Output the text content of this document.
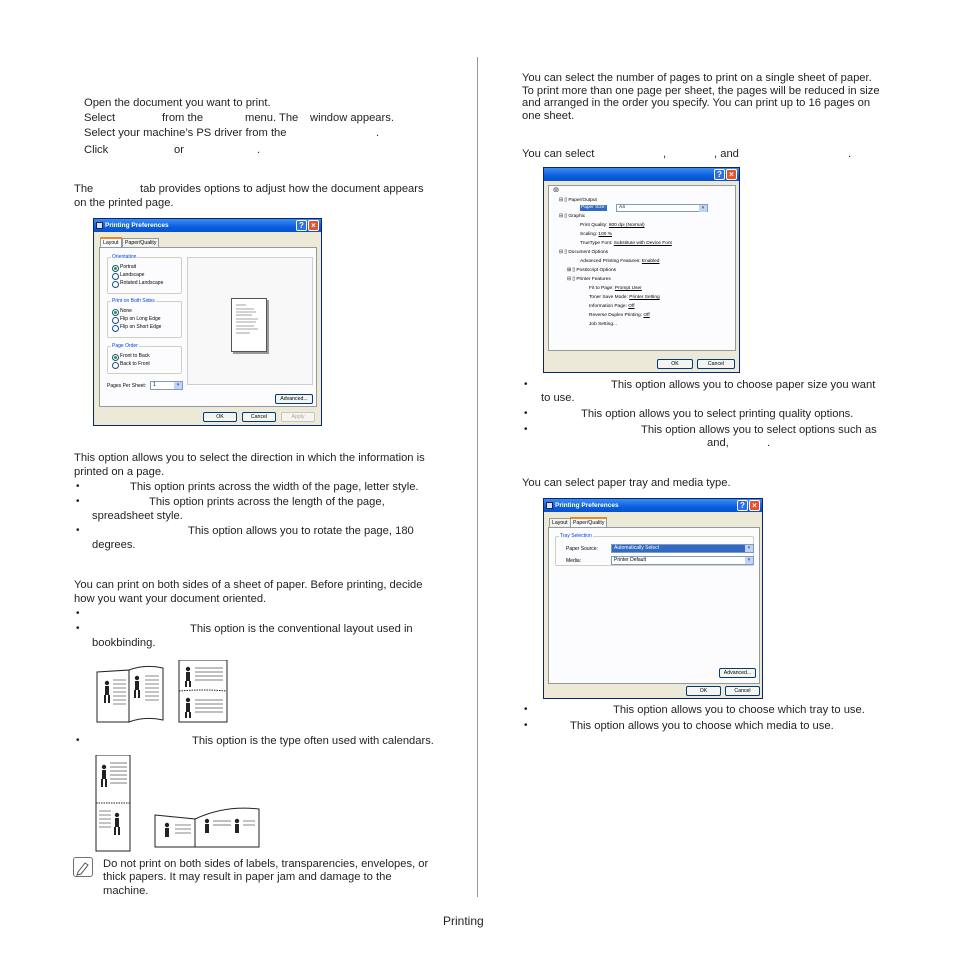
Open the document you want to print.
Select	from the	menu. The window appears.
Select your machine’s PS driver from the	.
Click	or	.
The	tab provides options to adjust how the document appears
on the printed page.
Printing Preferences	? ×
Layout	Paper/Quality
Orientation
Portrait
Landscape
Rotated Landscape
Print on Both Sides
None
Flip on Long Edge
Flip on Short Edge
Page Order
Front to Back
Back to Front
Pages Per Sheet:	1	▾
Advanced...
OK	Cancel	Apply
This option allows you to select the direction in which the information is
printed on a page.
•	This option prints across the width of the page, letter style.
•	This option prints across the length of the page,
spreadsheet style.
•	This option allows you to rotate the page, 180
degrees.
You can print on both sides of a sheet of paper. Before printing, decide
how you want your document oriented.
•
•	This option is the conventional layout used in
bookbinding.
•	This option is the type often used with calendars.
Do not print on both sides of labels, transparencies, envelopes, or
thick papers. It may result in paper jam and damage to the
machine.
You can select the number of pages to print on a single sheet of paper.
To print more than one page per sheet, the pages will be reduced in size
and arranged in the order you specify. You can print up to 16 pages on
one sheet.
You can select	,	, and	.
? ×
🖨
⊟ ▯ Paper/Output
Paper Size:	A4	▾
⊟ ▯ Graphic
Print Quality: 600 dpi (Normal)
Scaling: 100 %
TrueType Font: Substitute with Device Font
⊟ ▯ Document Options
Advanced Printing Features: Enabled
⊞ ▯ PostScript Options
⊟ ▯ Printer Features
Fit to Page: Prompt User
Toner Save Mode: Printer Setting
Information Page: Off
Reverse Duplex Printing: Off
Job Setting...
OK	Cancel
•	This option allows you to choose paper size you want
to use.
•	This option allows you to select printing quality options.
•	This option allows you to select options such as
and,	.
You can select paper tray and media type.
Printing Preferences	? ×
Layout	Paper/Quality
Tray Selection
Paper Source:	Automatically Select	▾
Media:	Printer Default	▾
Advanced...
OK	Cancel
•	This option allows you to choose which tray to use.
•	This option allows you to choose which media to use.
Printing
